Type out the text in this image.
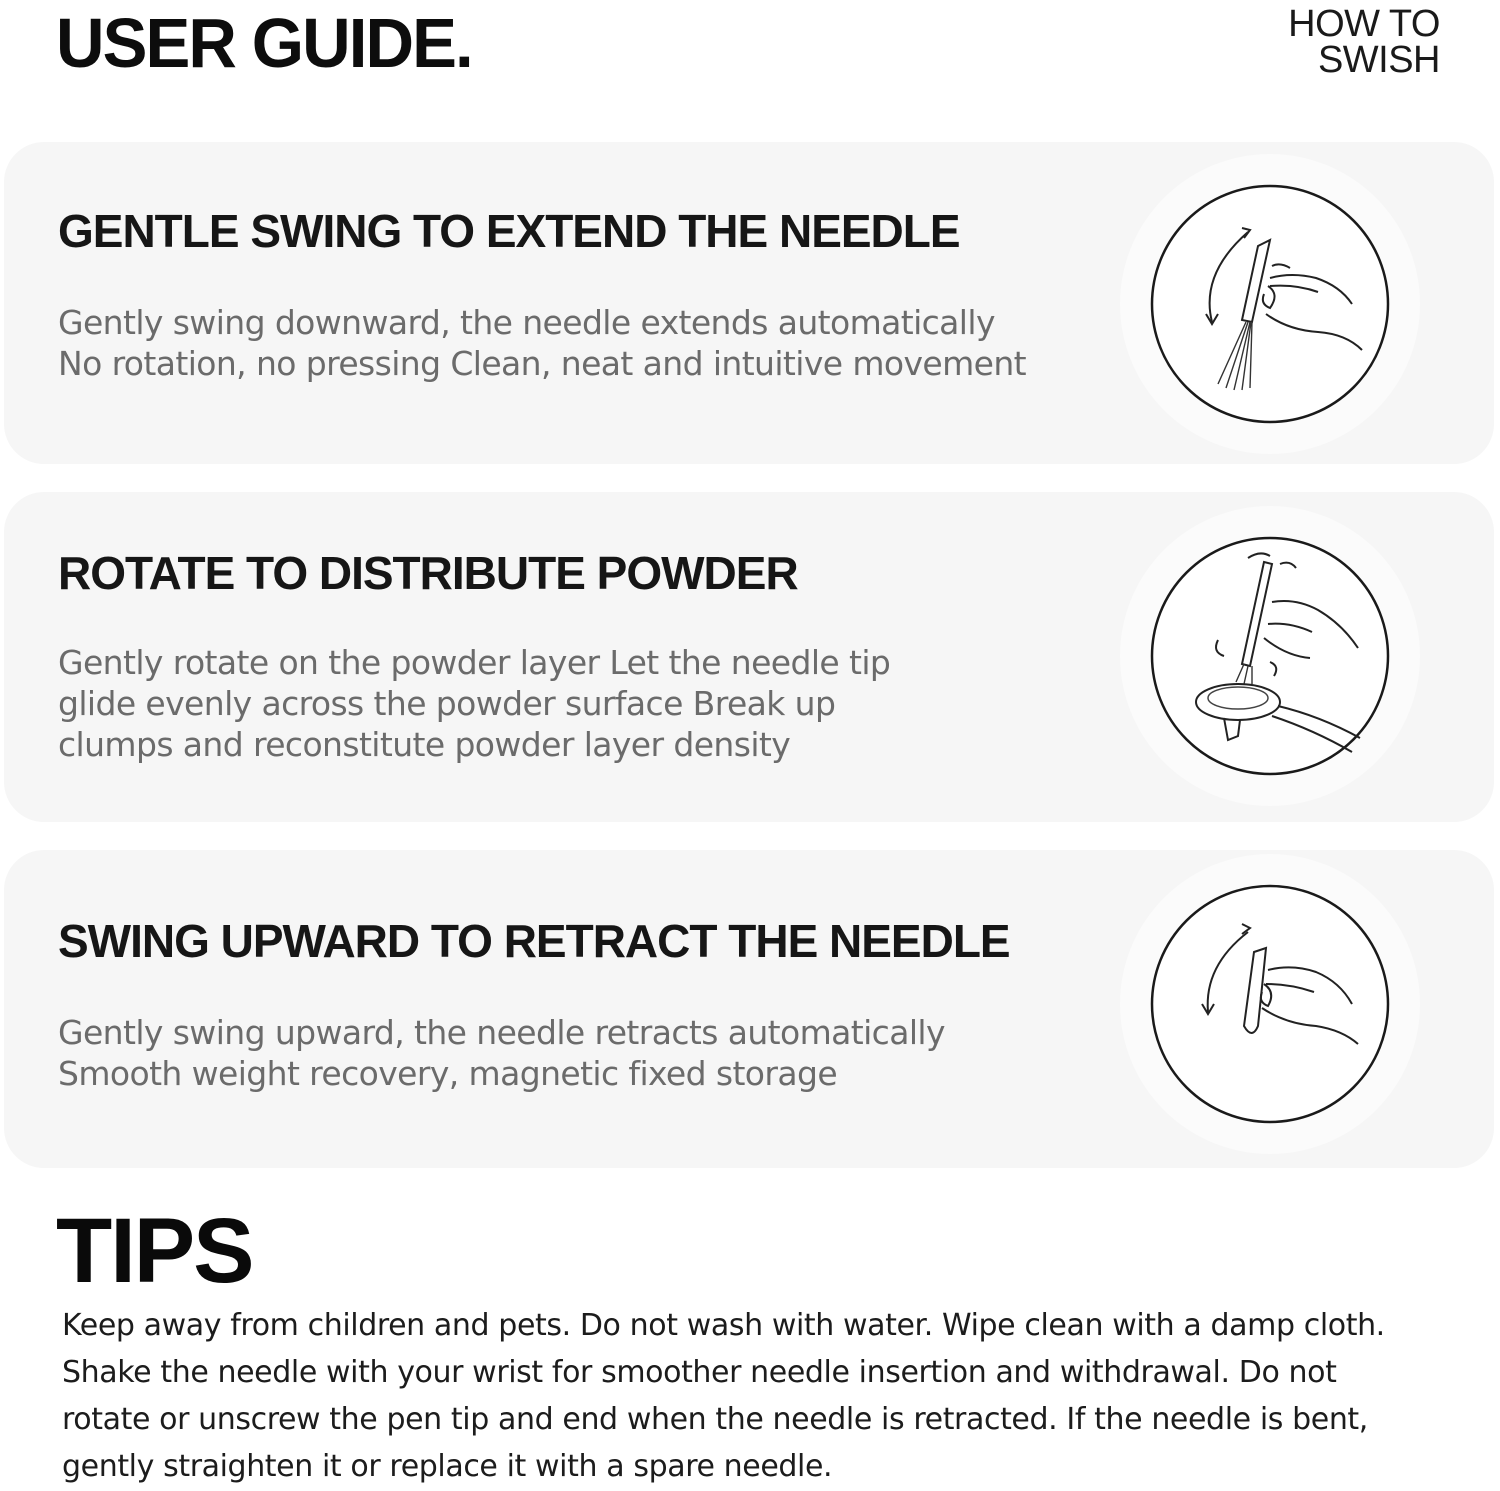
USER GUIDE.	HOW TO
SWISH
GENTLE SWING TO EXTEND THE NEEDLE
Gently swing downward, the needle extends automatically
No rotation, no pressing Clean, neat and intuitive movement
ROTATE TO DISTRIBUTE POWDER
Gently rotate on the powder layer Let the needle tip
glide evenly across the powder surface Break up
clumps and reconstitute powder layer density
SWING UPWARD TO RETRACT THE NEEDLE
Gently swing upward, the needle retracts automatically
Smooth weight recovery, magnetic fixed storage
TIPS
Keep away from children and pets. Do not wash with water. Wipe clean with a damp cloth.
Shake the needle with your wrist for smoother needle insertion and withdrawal. Do not
rotate or unscrew the pen tip and end when the needle is retracted. If the needle is bent,
gently straighten it or replace it with a spare needle.
